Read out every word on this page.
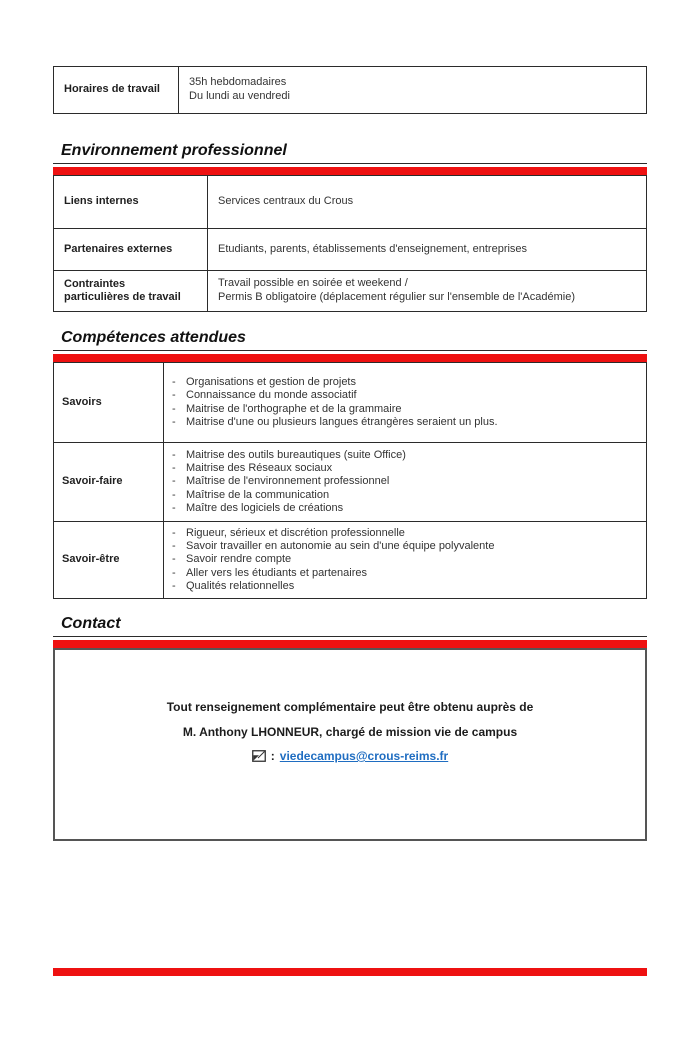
Horaires de travail
35h hebdomadaires
Du lundi au vendredi
Environnement professionnel
Liens internes	Services centraux du Crous
Partenaires externes	Etudiants, parents, établissements d'enseignement, entreprises
Contraintes
particulières de travail
Travail possible en soirée et weekend /
Permis B obligatoire (déplacement régulier sur l'ensemble de l'Académie)
Compétences attendues
Savoirs
-
Organisations et gestion de projets
-
Connaissance du monde associatif
-
Maitrise de l'orthographe et de la grammaire
-
Maitrise d'une ou plusieurs langues étrangères seraient un plus.
Savoir-faire
-
Maitrise des outils bureautiques (suite Office)
-
Maitrise des Réseaux sociaux
-
Maîtrise de l'environnement professionnel
-
Maîtrise de la communication
-
Maître des logiciels de créations
Savoir-être
-
Rigueur, sérieux et discrétion professionnelle
-
Savoir travailler en autonomie au sein d'une équipe polyvalente
-
Savoir rendre compte
-
Aller vers les étudiants et partenaires
-
Qualités relationnelles
Contact

Tout renseignement complémentaire peut être obtenu auprès de

M. Anthony LHONNEUR, chargé de mission vie de campus

: viedecampus@crous-reims.fr
